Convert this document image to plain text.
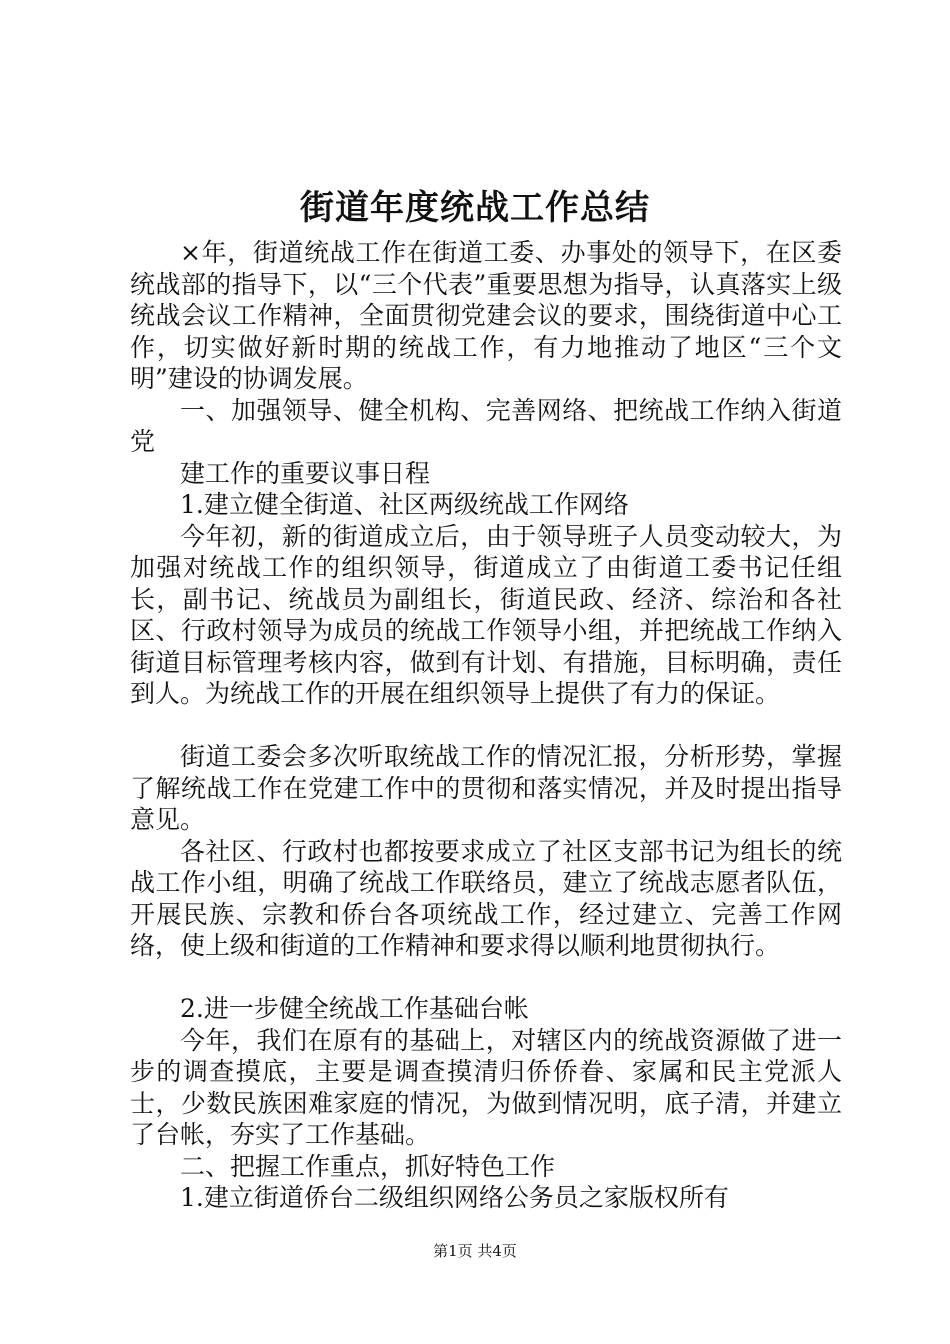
街道年度统战工作总结

×年，街道统战工作在街道工委、办事处的领导下，在区委统战部的指导下，以“三个代表”重要思想为指导，认真落实上级统战会议工作精神，全面贯彻党建会议的要求，围绕街道中心工作，切实做好新时期的统战工作，有力地推动了地区“三个文明”建设的协调发展。

一、加强领导、健全机构、完善网络、把统战工作纳入街道党

建工作的重要议事日程

1.建立健全街道、社区两级统战工作网络

今年初，新的街道成立后，由于领导班子人员变动较大，为加强对统战工作的组织领导，街道成立了由街道工委书记任组长，副书记、统战员为副组长，街道民政、经济、综治和各社区、行政村领导为成员的统战工作领导小组，并把统战工作纳入街道目标管理考核内容，做到有计划、有措施，目标明确，责任到人。为统战工作的开展在组织领导上提供了有力的保证。

街道工委会多次听取统战工作的情况汇报，分析形势，掌握了解统战工作在党建工作中的贯彻和落实情况，并及时提出指导意见。

各社区、行政村也都按要求成立了社区支部书记为组长的统战工作小组，明确了统战工作联络员，建立了统战志愿者队伍，开展民族、宗教和侨台各项统战工作，经过建立、完善工作网络，使上级和街道的工作精神和要求得以顺利地贯彻执行。

2.进一步健全统战工作基础台帐

今年，我们在原有的基础上，对辖区内的统战资源做了进一步的调查摸底，主要是调查摸清归侨侨眷、家属和民主党派人士，少数民族困难家庭的情况，为做到情况明，底子清，并建立了台帐，夯实了工作基础。

二、把握工作重点，抓好特色工作

1.建立街道侨台二级组织网络公务员之家版权所有

第1页 共4页
